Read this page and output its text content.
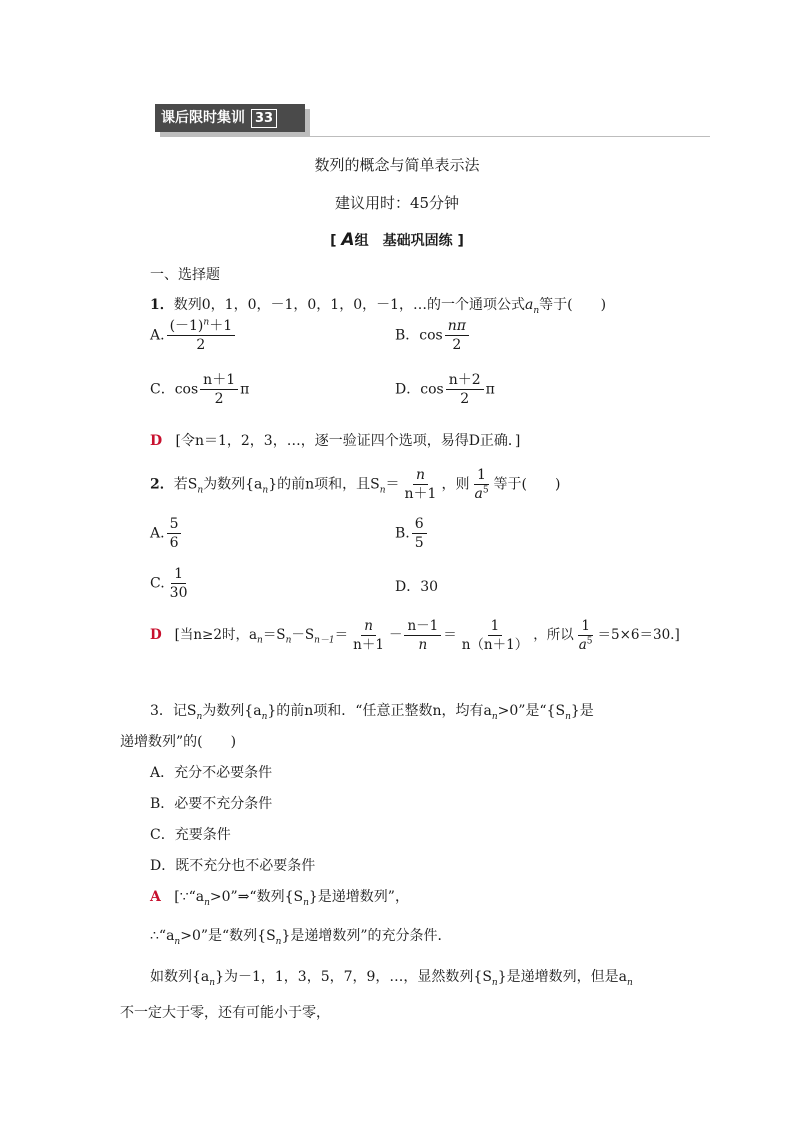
课后限时集训 33
数列的概念与简单表示法
建议用时：45分钟
[ A组　基础巩固练 ]
一、选择题
1．数列0，1，0，－1，0，1，0，－1，…的一个通项公式$a_n$等于(　　)
A. $\frac{(-1)^n+1}{2}$	B．$\cos \frac{n\pi}{2}$
C．$\cos \frac{n+1}{2}$ π	D．$\cos \frac{n+2}{2}$ π
D [令n＝1，2，3，…，逐一验证四个选项，易得D正确．]
2．若$S_n$为数列$\{a_n\}$的前n项和，且$S_n= \frac{n}{n+1}$ ，则 $\frac{1}{a^5}$ 等于(　　)
A. $\frac{5}{6}$	B. $\frac{6}{5}$
C. $\frac{1}{30}$	D．30
D [当n≥2时，$a_n=S_n-S_{n-1}= \frac{n}{n+1} - \frac{n-1}{n} = \frac{1}{n(n+1)}$ ，所以 $\frac{1}{a^5} =5\times 6=30$.]
3．记$S_n$为数列$\{a_n\}$的前n项和．“任意正整数n，均有$a_n>0$”是“$\{S_n\}$是
递增数列”的(　　)
A．充分不必要条件
B．必要不充分条件
C．充要条件
D．既不充分也不必要条件
A [$\because“a_n>0”\Rightarrow“$数列$\{S_n\}$是递增数列”，
$\therefore“a_n>0$”是“数列$\{S_n\}$是递增数列”的充分条件．
如数列$\{a_n\}$为－1，1，3，5，7，9，…，显然数列$\{S_n\}$是递增数列，但是$a_n$
不一定大于零，还有可能小于零，
